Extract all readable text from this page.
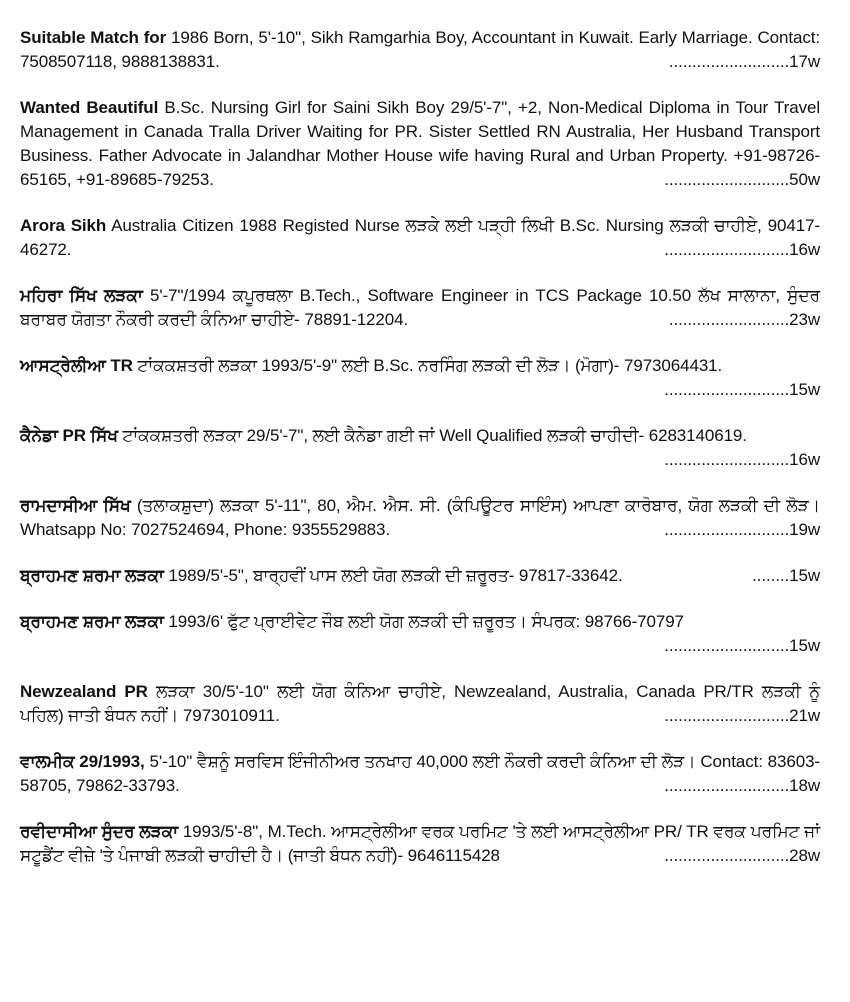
Suitable Match for 1986 Born, 5'-10", Sikh Ramgarhia Boy, Accountant in Kuwait. Early Marriage. Contact: 7508507118, 9888138831.	..........................17w

Wanted Beautiful B.Sc. Nursing Girl for Saini Sikh Boy 29/5'-7", +2, Non-Medical Diploma in Tour Travel Management in Canada Tralla Driver Waiting for PR. Sister Settled RN Australia, Her Husband Transport Business. Father Advocate in Jalandhar Mother House wife having Rural and Urban Property. +91-98726-65165, +91-89685-79253.	...........................50w

Arora Sikh Australia Citizen 1988 Registed Nurse ਲੜਕੇ ਲਈ ਪੜ੍ਹੀ ਲਿਖੀ B.Sc. Nursing ਲੜਕੀ ਚਾਹੀਏ, 90417-46272.	...........................16w

ਮਹਿਰਾ ਸਿੱਖ ਲੜਕਾ 5'-7"/1994 ਕਪੂਰਥਲਾ B.Tech., Software Engineer in TCS Package 10.50 ਲੱਖ ਸਾਲਾਨਾ, ਸੁੰਦਰ ਬਰਾਬਰ ਯੋਗਤਾ ਨੌਕਰੀ ਕਰਦੀ ਕੰਨਿਆ ਚਾਹੀਏ- 78891-12204.	..........................23w

ਆਸਟ੍ਰੇਲੀਆ TR ਟਾਂਕਕਸ਼ਤਰੀ ਲੜਕਾ 1993/5'-9" ਲਈ B.Sc. ਨਰਸਿੰਗ ਲੜਕੀ ਦੀ ਲੋੜ। (ਮੋਗਾ)- 7973064431.
...........................15w

ਕੈਨੇਡਾ PR ਸਿੱਖ ਟਾਂਕਕਸ਼ਤਰੀ ਲੜਕਾ 29/5'-7", ਲਈ ਕੈਨੇਡਾ ਗਈ ਜਾਂ Well Qualified ਲੜਕੀ ਚਾਹੀਦੀ- 6283140619.
...........................16w

ਰਾਮਦਾਸੀਆ ਸਿੱਖ (ਤਲਾਕਸ਼ੁਦਾ) ਲੜਕਾ 5'-11", 80, ਐਮ. ਐਸ. ਸੀ. (ਕੰਪਿਊਟਰ ਸਾਇੰਸ) ਆਪਣਾ ਕਾਰੋਬਾਰ, ਯੋਗ ਲੜਕੀ ਦੀ ਲੋੜ। Whatsapp No: 7027524694, Phone: 9355529883.	...........................19w

ਬ੍ਰਾਹਮਣ ਸ਼ਰਮਾ ਲੜਕਾ 1989/5'-5", ਬਾਰ੍ਹਵੀਂ ਪਾਸ ਲਈ ਯੋਗ ਲੜਕੀ ਦੀ ਜ਼ਰੂਰਤ- 97817-33642.	........15w

ਬ੍ਰਾਹਮਣ ਸ਼ਰਮਾ ਲੜਕਾ 1993/6' ਫੁੱਟ ਪ੍ਰਾਈਵੇਟ ਜੌਬ ਲਈ ਯੋਗ ਲੜਕੀ ਦੀ ਜ਼ਰੂਰਤ। ਸੰਪਰਕ: 98766-70797
...........................15w

Newzealand PR ਲੜਕਾ 30/5'-10" ਲਈ ਯੋਗ ਕੰਨਿਆ ਚਾਹੀਏ, Newzealand, Australia, Canada PR/TR ਲੜਕੀ ਨੂੰ ਪਹਿਲ) ਜਾਤੀ ਬੰਧਨ ਨਹੀਂ। 7973010911.	...........................21w

ਵਾਲਮੀਕ 29/1993, 5'-10" ਵੈਸ਼ਨੂੰ ਸਰਵਿਸ ਇੰਜੀਨੀਅਰ ਤਨਖਾਹ 40,000 ਲਈ ਨੌਕਰੀ ਕਰਦੀ ਕੰਨਿਆ ਦੀ ਲੋੜ। Contact: 83603-58705, 79862-33793.	...........................18w

ਰਵੀਦਾਸੀਆ ਸੁੰਦਰ ਲੜਕਾ 1993/5'-8", M.Tech. ਆਸਟ੍ਰੇਲੀਆ ਵਰਕ ਪਰਮਿਟ 'ਤੇ ਲਈ ਆਸਟ੍ਰੇਲੀਆ PR/ TR ਵਰਕ ਪਰਮਿਟ ਜਾਂ ਸਟੂਡੈਂਟ ਵੀਜ਼ੇ 'ਤੇ ਪੰਜਾਬੀ ਲੜਕੀ ਚਾਹੀਦੀ ਹੈ। (ਜਾਤੀ ਬੰਧਨ ਨਹੀਂ)- 9646115428	...........................28w
